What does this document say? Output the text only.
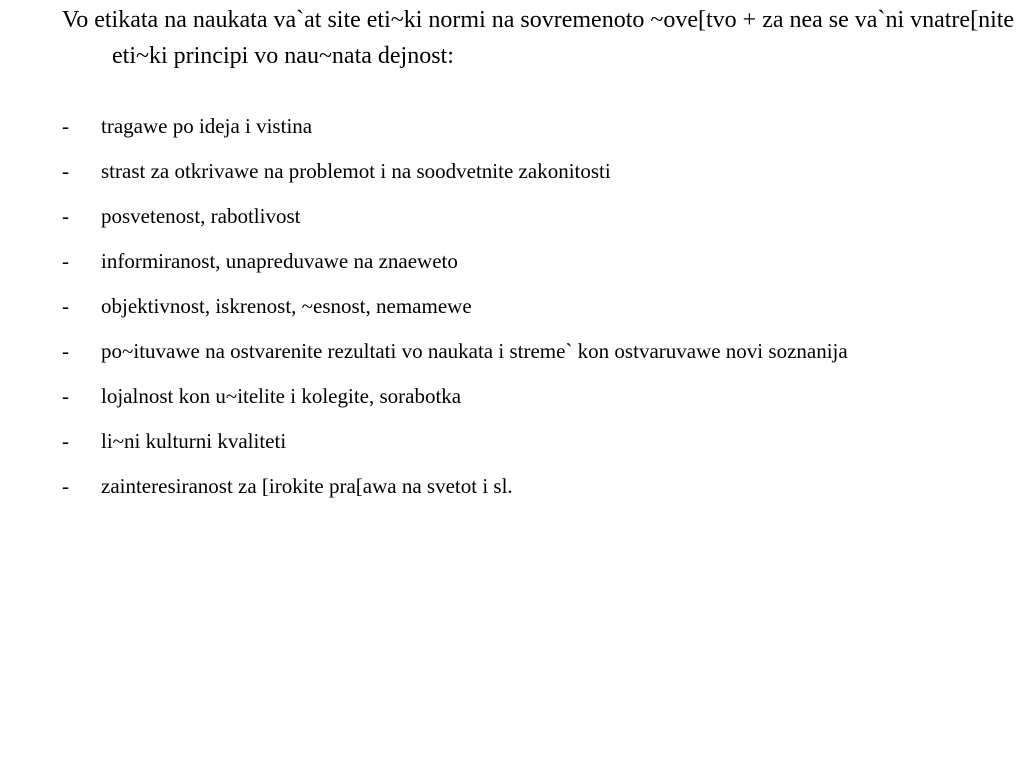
Vo etikata na naukata va`at site eti~ki normi na sovremenoto ~ove[tvo + za nea se va`ni vnatre[nite eti~ki principi vo nau~nata dejnost:

- tragawe po ideja i vistina
- strast za otkrivawe na problemot i na soodvetnite zakonitosti
- posvetenost, rabotlivost
- informiranost, unapreduvawe na znaeweto
- objektivnost, iskrenost, ~esnost, nemamewe
- po~ituvawe na ostvarenite rezultati vo naukata i streme` kon ostvaruvawe novi soznanija
- lojalnost kon u~itelite i kolegite, sorabotka
- li~ni kulturni kvaliteti
- zainteresiranost za [irokite pra[awa na svetot i sl.
